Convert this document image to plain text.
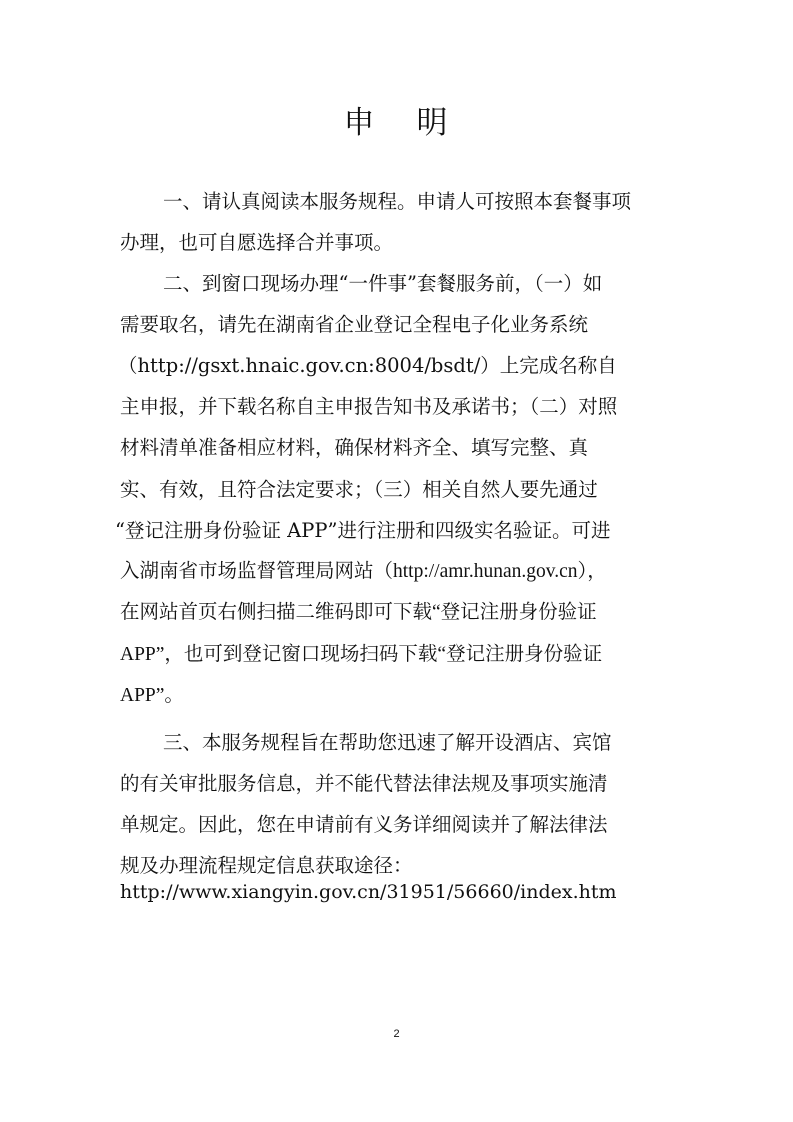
申 明

一、请认真阅读本服务规程。申请人可按照本套餐事项

办理，也可自愿选择合并事项。

二、到窗口现场办理“一件事”套餐服务前，（一）如

需要取名，请先在湖南省企业登记全程电子化业务系统

（http://gsxt.hnaic.gov.cn:8004/bsdt/）上完成名称自

主申报，并下载名称自主申报告知书及承诺书；（二）对照

材料清单准备相应材料，确保材料齐全、填写完整、真

实、有效，且符合法定要求；（三）相关自然人要先通过

“登记注册身份验证 APP”进行注册和四级实名验证。可进

入湖南省市场监督管理局网站（http://amr.hunan.gov.cn），

在网站首页右侧扫描二维码即可下载“登记注册身份验证

APP”，也可到登记窗口现场扫码下载“登记注册身份验证

APP”。

三、本服务规程旨在帮助您迅速了解开设酒店、宾馆

的有关审批服务信息，并不能代替法律法规及事项实施清

单规定。因此，您在申请前有义务详细阅读并了解法律法

规及办理流程规定信息获取途径：

http://www.xiangyin.gov.cn/31951/56660/index.htm

2
